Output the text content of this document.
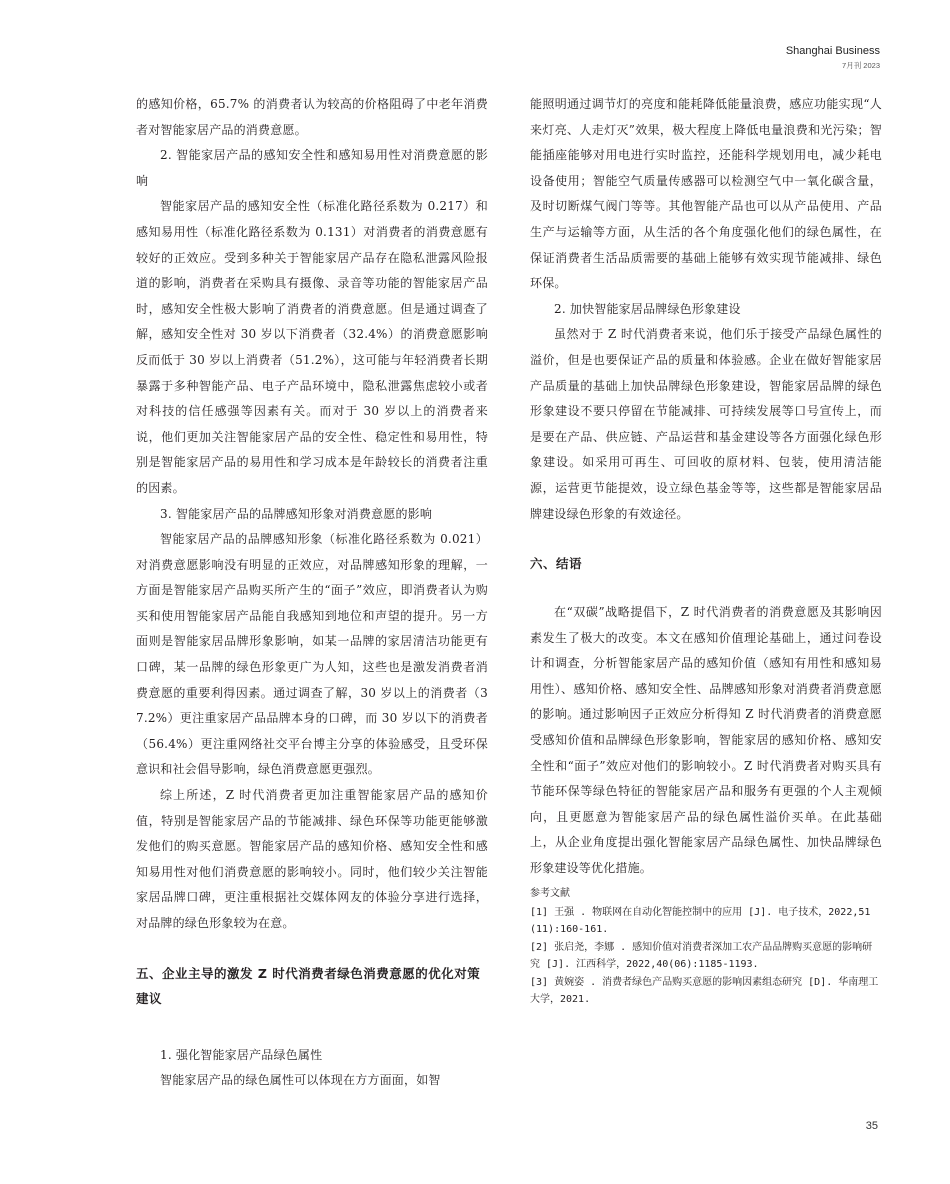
Shanghai Business
7月刊 2023

的感知价格，65.7% 的消费者认为较高的价格阻碍了中老年消费者对智能家居产品的消费意愿。

2. 智能家居产品的感知安全性和感知易用性对消费意愿的影响

智能家居产品的感知安全性（标准化路径系数为 0.217）和感知易用性（标准化路径系数为 0.131）对消费者的消费意愿有较好的正效应。受到多种关于智能家居产品存在隐私泄露风险报道的影响，消费者在采购具有摄像、录音等功能的智能家居产品时，感知安全性极大影响了消费者的消费意愿。但是通过调查了解，感知安全性对 30 岁以下消费者（32.4%）的消费意愿影响反而低于 30 岁以上消费者（51.2%），这可能与年轻消费者长期暴露于多种智能产品、电子产品环境中，隐私泄露焦虑较小或者对科技的信任感强等因素有关。而对于 30 岁以上的消费者来说，他们更加关注智能家居产品的安全性、稳定性和易用性，特别是智能家居产品的易用性和学习成本是年龄较长的消费者注重的因素。

3. 智能家居产品的品牌感知形象对消费意愿的影响

智能家居产品的品牌感知形象（标准化路径系数为 0.021）对消费意愿影响没有明显的正效应，对品牌感知形象的理解，一方面是智能家居产品购买所产生的“面子”效应，即消费者认为购买和使用智能家居产品能自我感知到地位和声望的提升。另一方面则是智能家居品牌形象影响，如某一品牌的家居清洁功能更有口碑，某一品牌的绿色形象更广为人知，这些也是激发消费者消费意愿的重要利得因素。通过调查了解，30 岁以上的消费者（37.2%）更注重家居产品品牌本身的口碑，而 30 岁以下的消费者（56.4%）更注重网络社交平台博主分享的体验感受，且受环保意识和社会倡导影响，绿色消费意愿更强烈。

综上所述，Z 时代消费者更加注重智能家居产品的感知价值，特别是智能家居产品的节能减排、绿色环保等功能更能够激发他们的购买意愿。智能家居产品的感知价格、感知安全性和感知易用性对他们消费意愿的影响较小。同时，他们较少关注智能家居品牌口碑，更注重根据社交媒体网友的体验分享进行选择，对品牌的绿色形象较为在意。

五、企业主导的激发 Z 时代消费者绿色消费意愿的优化对策建议

1. 强化智能家居产品绿色属性

智能家居产品的绿色属性可以体现在方方面面，如智

能照明通过调节灯的亮度和能耗降低能量浪费，感应功能实现“人来灯亮、人走灯灭”效果，极大程度上降低电量浪费和光污染；智能插座能够对用电进行实时监控，还能科学规划用电，减少耗电设备使用；智能空气质量传感器可以检测空气中一氧化碳含量，及时切断煤气阀门等等。其他智能产品也可以从产品使用、产品生产与运输等方面，从生活的各个角度强化他们的绿色属性，在保证消费者生活品质需要的基础上能够有效实现节能减排、绿色环保。

2. 加快智能家居品牌绿色形象建设

虽然对于 Z 时代消费者来说，他们乐于接受产品绿色属性的溢价，但是也要保证产品的质量和体验感。企业在做好智能家居产品质量的基础上加快品牌绿色形象建设，智能家居品牌的绿色形象建设不要只停留在节能减排、可持续发展等口号宣传上，而是要在产品、供应链、产品运营和基金建设等各方面强化绿色形象建设。如采用可再生、可回收的原材料、包装，使用清洁能源，运营更节能提效，设立绿色基金等等，这些都是智能家居品牌建设绿色形象的有效途径。

六、结语

在“双碳”战略提倡下，Z 时代消费者的消费意愿及其影响因素发生了极大的改变。本文在感知价值理论基础上，通过问卷设计和调查，分析智能家居产品的感知价值（感知有用性和感知易用性）、感知价格、感知安全性、品牌感知形象对消费者消费意愿的影响。通过影响因子正效应分析得知 Z 时代消费者的消费意愿受感知价值和品牌绿色形象影响，智能家居的感知价格、感知安全性和“面子”效应对他们的影响较小。Z 时代消费者对购买具有节能环保等绿色特征的智能家居产品和服务有更强的个人主观倾向，且更愿意为智能家居产品的绿色属性溢价买单。在此基础上，从企业角度提出强化智能家居产品绿色属性、加快品牌绿色形象建设等优化措施。

参考文献

[1] 王强 . 物联网在自动化智能控制中的应用 [J]. 电子技术，2022,51(11):160-161.

[2] 张启尧，李娜 . 感知价值对消费者深加工农产品品牌购买意愿的影响研究 [J]. 江西科学，2022,40(06):1185-1193.

[3] 黄婉姿 . 消费者绿色产品购买意愿的影响因素组态研究 [D]. 华南理工大学，2021.

35
